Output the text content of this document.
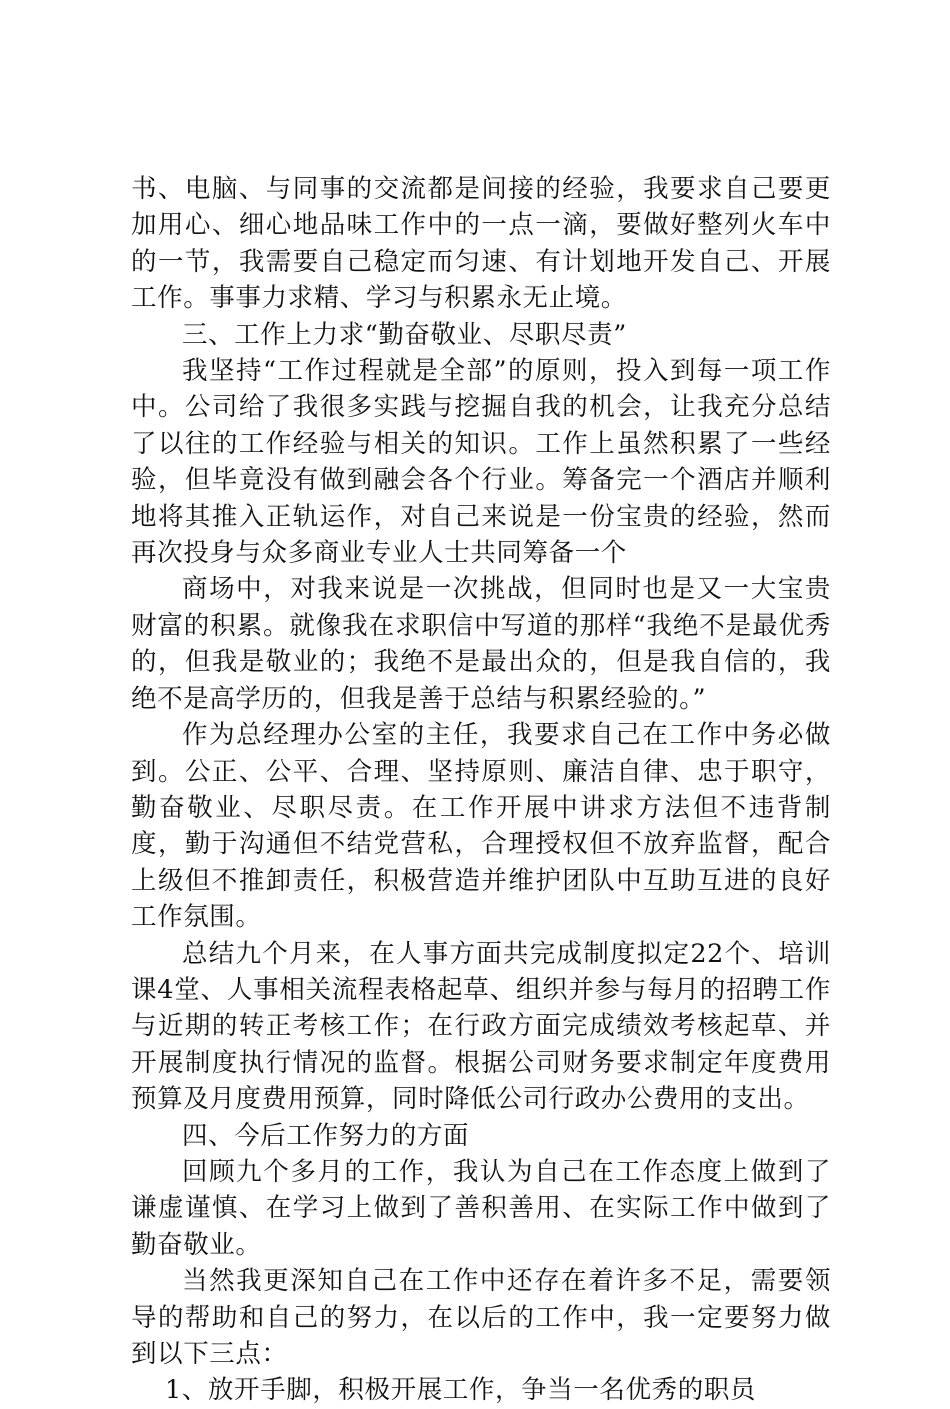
书、电脑、与同事的交流都是间接的经验，我要求自己要更加用心、细心地品味工作中的一点一滴，要做好整列火车中的一节，我需要自己稳定而匀速、有计划地开发自己、开展工作。事事力求精、学习与积累永无止境。

三、工作上力求“勤奋敬业、尽职尽责”

我坚持“工作过程就是全部”的原则，投入到每一项工作中。公司给了我很多实践与挖掘自我的机会，让我充分总结了以往的工作经验与相关的知识。工作上虽然积累了一些经验，但毕竟没有做到融会各个行业。筹备完一个酒店并顺利地将其推入正轨运作，对自己来说是一份宝贵的经验，然而再次投身与众多商业专业人士共同筹备一个

商场中，对我来说是一次挑战，但同时也是又一大宝贵财富的积累。就像我在求职信中写道的那样“我绝不是最优秀的，但我是敬业的；我绝不是最出众的，但是我自信的，我绝不是高学历的，但我是善于总结与积累经验的。”

作为总经理办公室的主任，我要求自己在工作中务必做到。公正、公平、合理、坚持原则、廉洁自律、忠于职守，勤奋敬业、尽职尽责。在工作开展中讲求方法但不违背制度，勤于沟通但不结党营私，合理授权但不放弃监督，配合上级但不推卸责任，积极营造并维护团队中互助互进的良好工作氛围。

总结九个月来，在人事方面共完成制度拟定22个、培训课4堂、人事相关流程表格起草、组织并参与每月的招聘工作与近期的转正考核工作；在行政方面完成绩效考核起草、并开展制度执行情况的监督。根据公司财务要求制定年度费用预算及月度费用预算，同时降低公司行政办公费用的支出。

四、今后工作努力的方面

回顾九个多月的工作，我认为自己在工作态度上做到了谦虚谨慎、在学习上做到了善积善用、在实际工作中做到了勤奋敬业。

当然我更深知自己在工作中还存在着许多不足，需要领导的帮助和自己的努力，在以后的工作中，我一定要努力做到以下三点：

1、放开手脚，积极开展工作，争当一名优秀的职员
